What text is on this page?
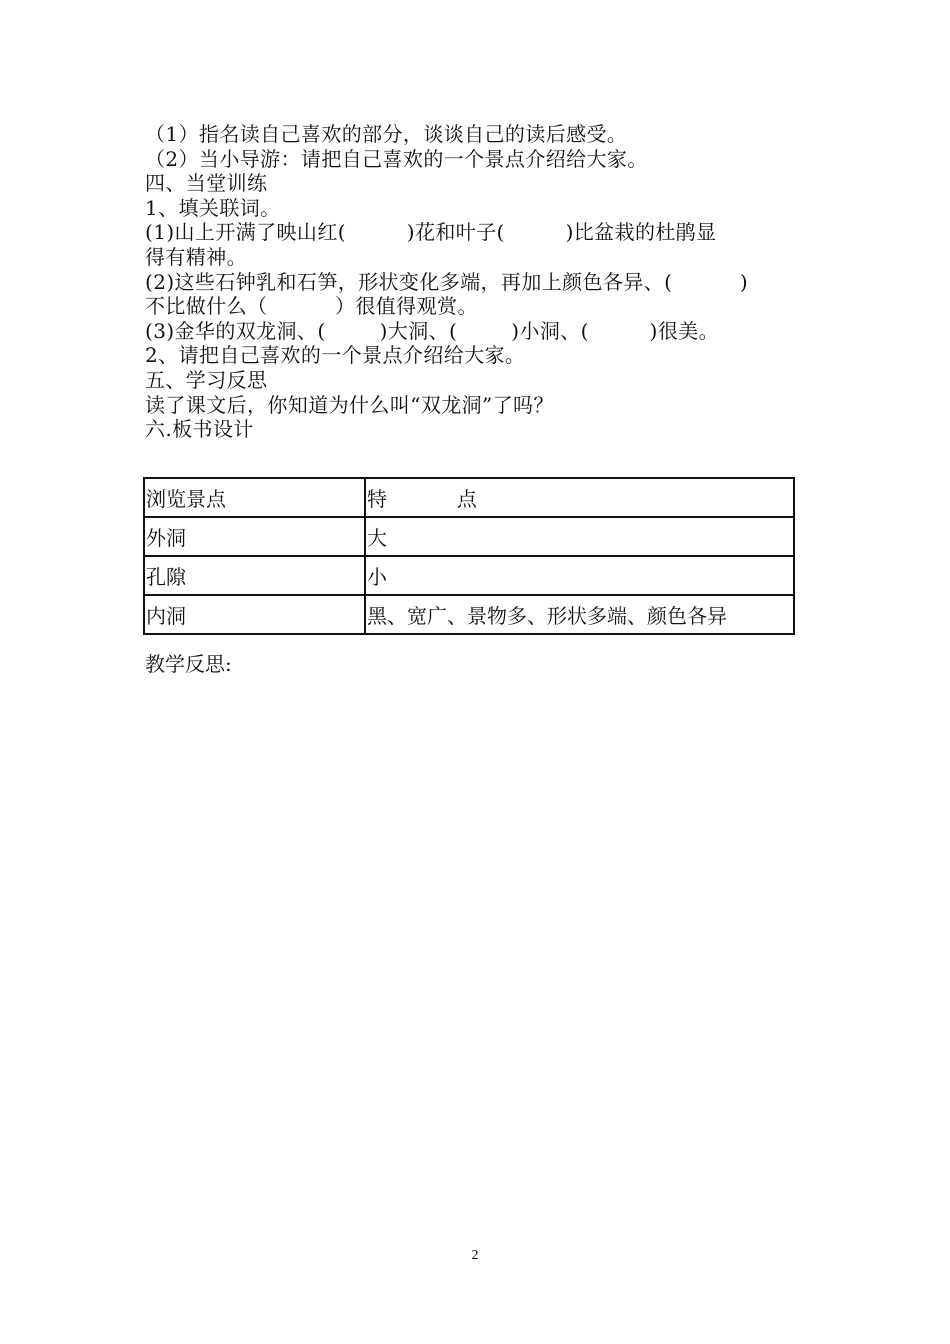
（1）指名读自己喜欢的部分，谈谈自己的读后感受。
（2）当小导游：请把自己喜欢的一个景点介绍给大家。
四、当堂训练
1、填关联词。
(1)山上开满了映山红(         )花和叶子(         )比盆栽的杜鹃显
得有精神。
(2)这些石钟乳和石笋，形状变化多端，再加上颜色各异、(          )
不比做什么（          ）很值得观赏。
(3)金华的双龙洞、(        )大洞、(        )小洞、(         )很美。
2、请把自己喜欢的一个景点介绍给大家。
五、学习反思
读了课文后，你知道为什么叫“双龙洞”了吗？
六.板书设计
浏览景点	特           点
外洞	大
孔隙	小
内洞	黑、宽广、景物多、形状多端、颜色各异
教学反思:
2
